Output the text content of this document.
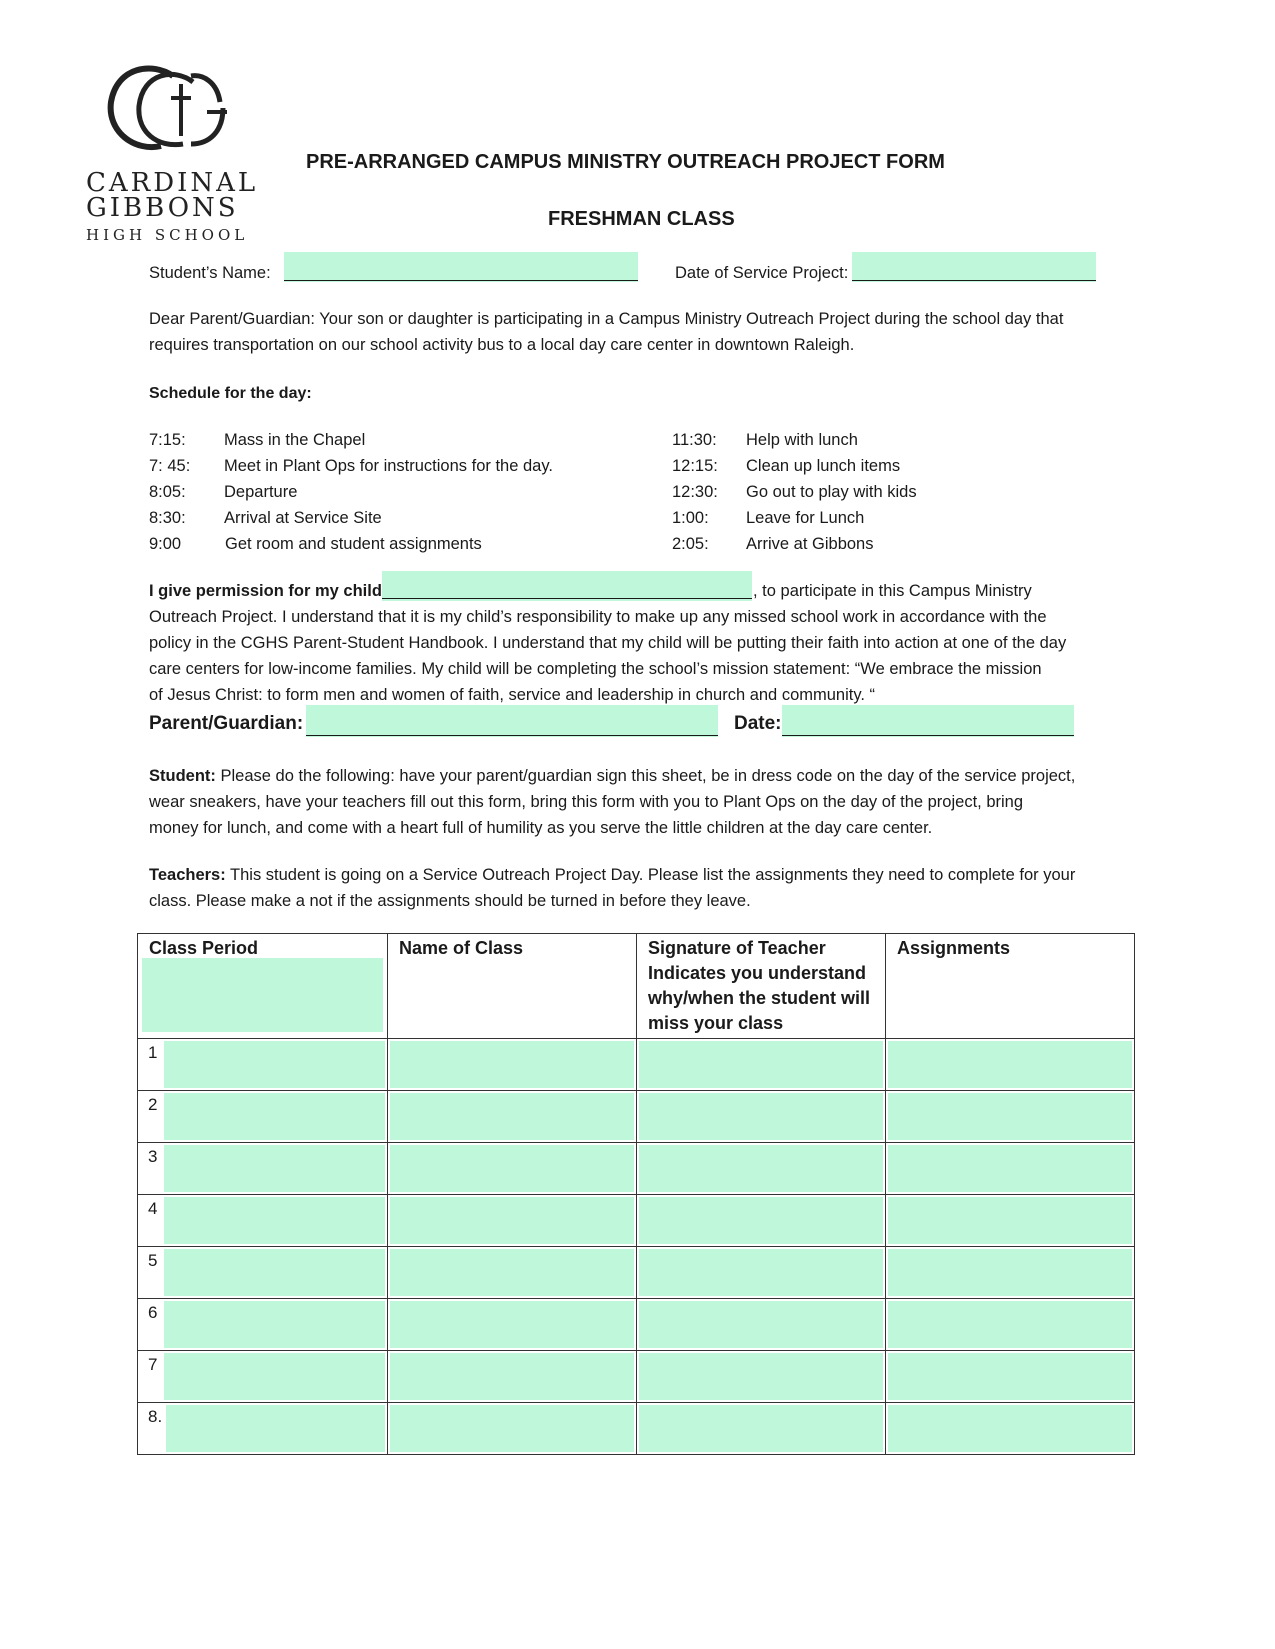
CARDINAL
GIBBONS
HIGH SCHOOL
PRE-ARRANGED CAMPUS MINISTRY OUTREACH PROJECT FORM
FRESHMAN CLASS
Student’s Name:	Date of Service Project:
Dear Parent/Guardian: Your son or daughter is participating in a Campus Ministry Outreach Project during the school day that
requires transportation on our school activity bus to a local day care center in downtown Raleigh.
Schedule for the day:
7:15: Mass in the Chapel
7: 45: Meet in Plant Ops for instructions for the day.
8:05: Departure
8:30: Arrival at Service Site
9:00	Get room and student assignments
11:30: Help with lunch
12:15: Clean up lunch items
12:30: Go out to play with kids
1:00: Leave for Lunch
2:05: Arrive at Gibbons
I give permission for my child	, to participate in this Campus Ministry
Outreach Project. I understand that it is my child’s responsibility to make up any missed school work in accordance with the
policy in the CGHS Parent-Student Handbook. I understand that my child will be putting their faith into action at one of the day
care centers for low-income families. My child will be completing the school’s mission statement: “We embrace the mission
of Jesus Christ: to form men and women of faith, service and leadership in church and community. “
Parent/Guardian:	Date:
Student: Please do the following: have your parent/guardian sign this sheet, be in dress code on the day of the service project,
wear sneakers, have your teachers fill out this form, bring this form with you to Plant Ops on the day of the project, bring
money for lunch, and come with a heart full of humility as you serve the little children at the day care center.
Teachers: This student is going on a Service Outreach Project Day. Please list the assignments they need to complete for your
class. Please make a not if the assignments should be turned in before they leave.
Class Period	Name of Class	Signature of Teacher Indicates you understand why/when the student will miss your class	Assignments

1			

2			

3			

4			

5			

6			

7			

8.			
